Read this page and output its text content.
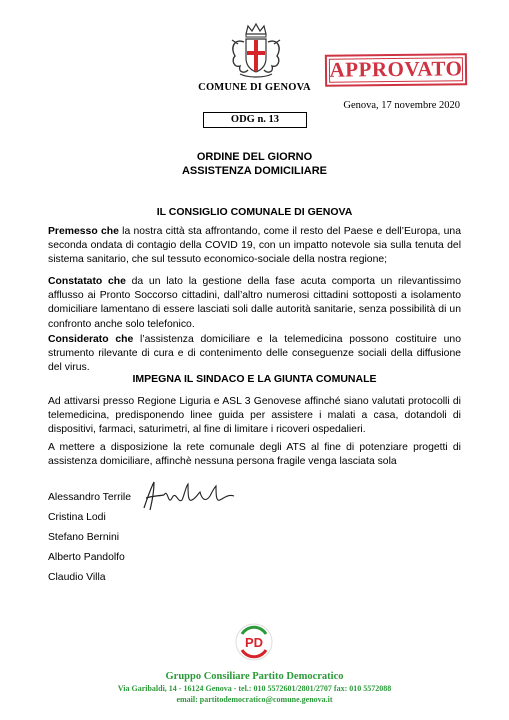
COMUNE DI GENOVA
APPROVATO
Genova, 17 novembre 2020
ODG n. 13
ORDINE DEL GIORNO
ASSISTENZA DOMICILIARE
IL CONSIGLIO COMUNALE DI GENOVA
Premesso che la nostra città sta affrontando, come il resto del Paese e dell’Europa, una seconda ondata di contagio della COVID 19, con un impatto notevole sia sulla tenuta del sistema sanitario, che sul tessuto economico-sociale della nostra regione;
Constatato che da un lato la gestione della fase acuta comporta un rilevantissimo afflusso ai Pronto Soccorso cittadini, dall’altro numerosi cittadini sottoposti a isolamento domiciliare lamentano di essere lasciati soli dalle autorità sanitarie, senza possibilità di un confronto anche solo telefonico.
Considerato che l’assistenza domiciliare e la telemedicina possono costituire uno strumento rilevante di cura e di contenimento delle conseguenze sociali della diffusione del virus.
IMPEGNA IL SINDACO E LA GIUNTA COMUNALE
Ad attivarsi presso Regione Liguria e ASL 3 Genovese affinché siano valutati protocolli di telemedicina, predisponendo linee guida per assistere i malati a casa, dotandoli di dispositivi, farmaci, saturimetri, al fine di limitare i ricoveri ospedalieri.
A mettere a disposizione la rete comunale degli ATS al fine di potenziare progetti di assistenza domiciliare, affinchè nessuna persona fragile venga lasciata sola
Alessandro Terrile
Cristina Lodi
Stefano Bernini
Alberto Pandolfo
Claudio Villa
PD
Gruppo Consiliare Partito Democratico
Via Garibaldi, 14 - 16124 Genova - tel.: 010 5572601/2801/2707 fax: 010 5572088
email: partitodemocratico@comune.genova.it
